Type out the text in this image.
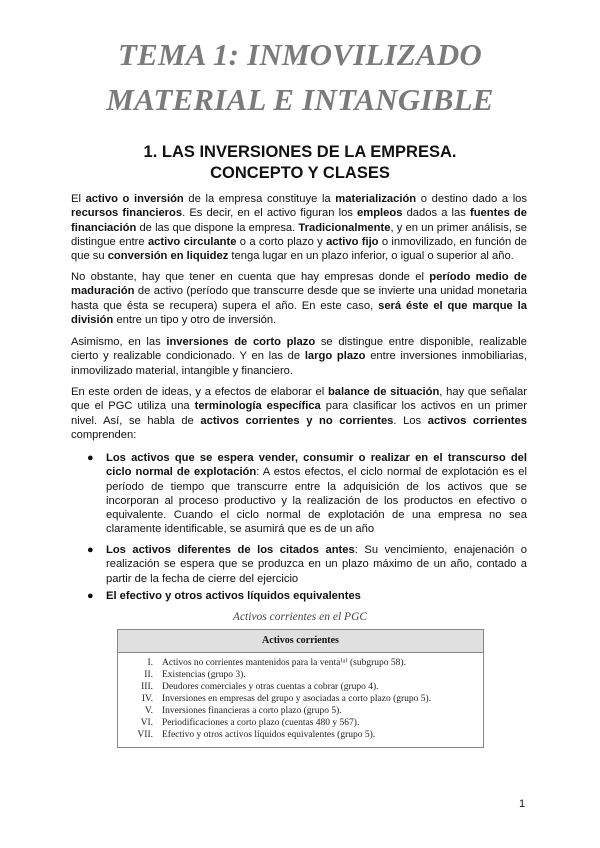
TEMA 1: INMOVILIZADO
MATERIAL E INTANGIBLE
1. LAS INVERSIONES DE LA EMPRESA.
CONCEPTO Y CLASES
El activo o inversión de la empresa constituye la materialización o destino dado a los recursos financieros. Es decir, en el activo figuran los empleos dados a las fuentes de financiación de las que dispone la empresa. Tradicionalmente, y en un primer análisis, se distingue entre activo circulante o a corto plazo y activo fijo o inmovilizado, en función de que su conversión en liquidez tenga lugar en un plazo inferior, o igual o superior al año.
No obstante, hay que tener en cuenta que hay empresas donde el período medio de maduración de activo (período que transcurre desde que se invierte una unidad monetaria hasta que ésta se recupera) supera el año. En este caso, será éste el que marque la división entre un tipo y otro de inversión.
Asimismo, en las inversiones de corto plazo se distingue entre disponible, realizable cierto y realizable condicionado. Y en las de largo plazo entre inversiones inmobiliarias, inmovilizado material, intangible y financiero.
En este orden de ideas, y a efectos de elaborar el balance de situación, hay que señalar que el PGC utiliza una terminología específica para clasificar los activos en un primer nivel. Así, se habla de activos corrientes y no corrientes. Los activos corrientes comprenden:
● Los activos que se espera vender, consumir o realizar en el transcurso del ciclo normal de explotación: A estos efectos, el ciclo normal de explotación es el período de tiempo que transcurre entre la adquisición de los activos que se incorporan al proceso productivo y la realización de los productos en efectivo o equivalente. Cuando el ciclo normal de explotación de una empresa no sea claramente identificable, se asumirá que es de un año
● Los activos diferentes de los citados antes: Su vencimiento, enajenación o realización se espera que se produzca en un plazo máximo de un año, contado a partir de la fecha de cierre del ejercicio
● El efectivo y otros activos líquidos equivalentes
Activos corrientes en el PGC
Activos corrientes
I. Activos no corrientes mantenidos para la venta⁽ᵃ⁾ (subgrupo 58).
II. Existencias (grupo 3).
III. Deudores comerciales y otras cuentas a cobrar (grupo 4).
IV. Inversiones en empresas del grupo y asociadas a corto plazo (grupo 5).
V. Inversiones financieras a corto plazo (grupo 5).
VI. Periodificaciones a corto plazo (cuentas 480 y 567).
VII. Efectivo y otros activos líquidos equivalentes (grupo 5).
1
